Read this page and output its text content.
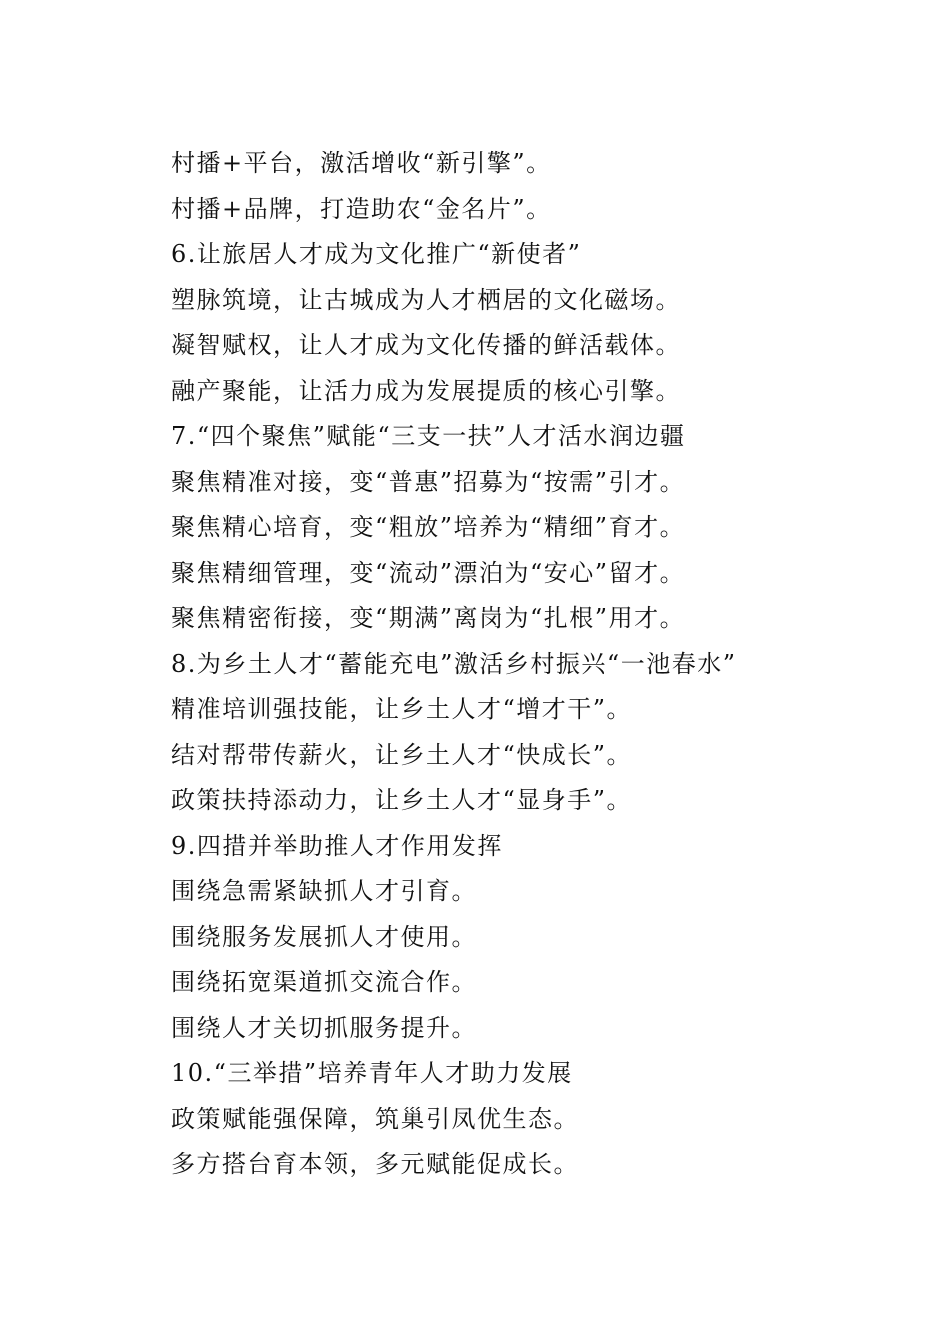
村播+平台，激活增收“新引擎”。
村播+品牌，打造助农“金名片”。
6.让旅居人才成为文化推广“新使者”
塑脉筑境，让古城成为人才栖居的文化磁场。
凝智赋权，让人才成为文化传播的鲜活载体。
融产聚能，让活力成为发展提质的核心引擎。
7.“四个聚焦”赋能“三支一扶”人才活水润边疆
聚焦精准对接，变“普惠”招募为“按需”引才。
聚焦精心培育，变“粗放”培养为“精细”育才。
聚焦精细管理，变“流动”漂泊为“安心”留才。
聚焦精密衔接，变“期满”离岗为“扎根”用才。
8.为乡土人才“蓄能充电”激活乡村振兴“一池春水”
精准培训强技能，让乡土人才“增才干”。
结对帮带传薪火，让乡土人才“快成长”。
政策扶持添动力，让乡土人才“显身手”。
9.四措并举助推人才作用发挥
围绕急需紧缺抓人才引育。
围绕服务发展抓人才使用。
围绕拓宽渠道抓交流合作。
围绕人才关切抓服务提升。
10.“三举措”培养青年人才助力发展
政策赋能强保障，筑巢引凤优生态。
多方搭台育本领，多元赋能促成长。
